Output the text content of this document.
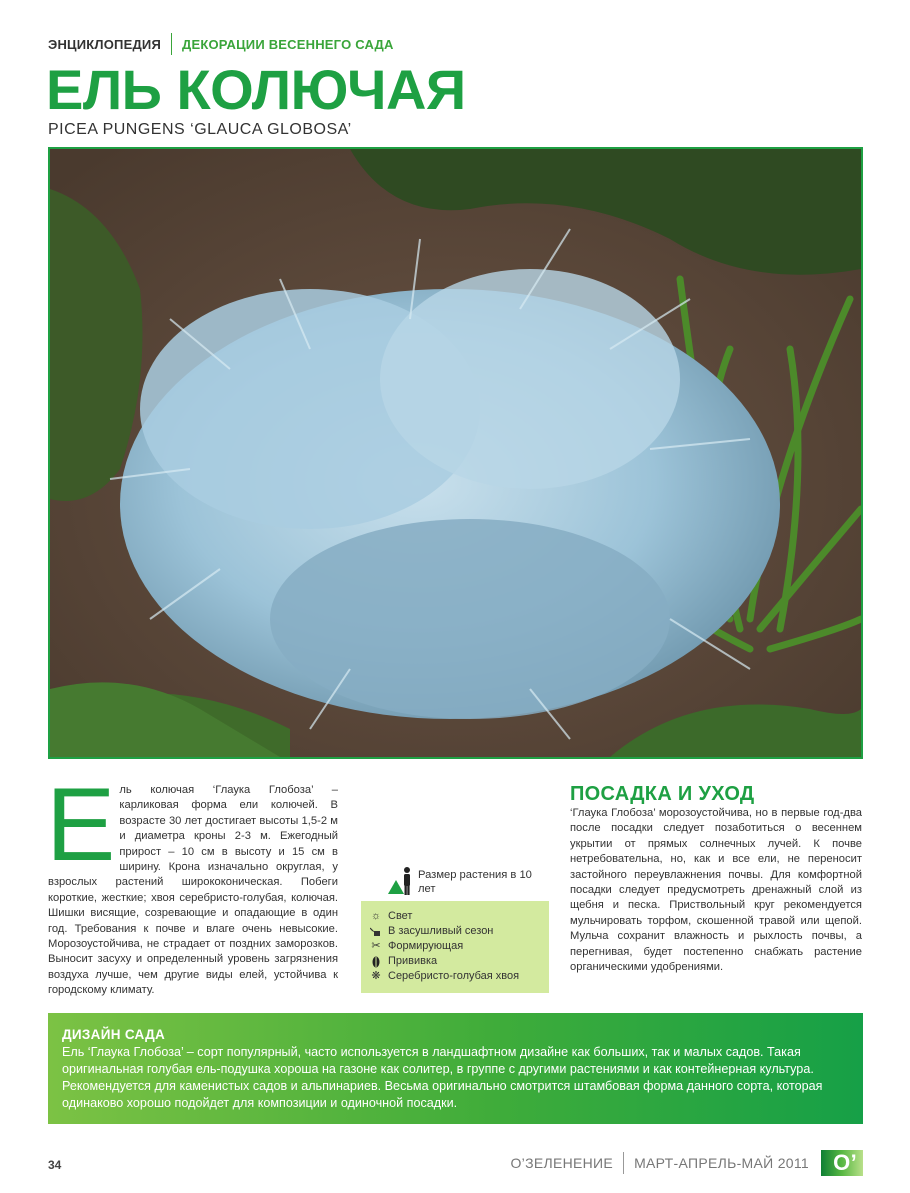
ЭНЦИКЛОПЕДИЯ ДЕКОРАЦИИ ВЕСЕННЕГО САДА
ЕЛЬ КОЛЮЧАЯ
PICEA PUNGENS ‘GLAUCA GLOBOSA’
Е ль колючая ‘Глаука Глобоза’ – карликовая форма ели колючей. В возрасте 30 лет достигает высоты 1,5-2 м и диаметра кроны 2-3 м. Ежегодный прирост – 10 см в высоту и 15 см в ширину. Крона изначально округлая, у взрослых растений ширококоническая. Побеги короткие, жесткие; хвоя серебристо-голубая, колючая. Шишки висящие, созревающие и опадающие в один год. Требования к почве и влаге очень невысокие. Морозоустойчива, не страдает от поздних заморозков. Выносит засуху и определенный уровень загрязнения воздуха лучше, чем другие виды елей, устойчива к городскому климату.
Размер растения в 10 лет
☼ Свет
В засушливый сезон
✂ Формирующая
Прививка
❋ Серебристо-голубая хвоя
ПОСАДКА И УХОД
‘Глаука Глобоза’ морозоустойчива, но в первые год-два после посадки следует позаботиться о весеннем укрытии от прямых солнечных лучей. К почве нетребовательна, но, как и все ели, не переносит застойного переувлажнения почвы. Для комфортной посадки следует предусмотреть дренажный слой из щебня и песка. Приствольный круг рекомендуется мульчировать торфом, скошенной травой или щепой. Мульча сохранит влажность и рыхлость почвы, а перегнивая, будет постепенно снабжать растение органическими удобрениями.
ДИЗАЙН САДА
Ель ‘Глаука Глобоза’ – сорт популярный, часто используется в ландшафтном дизайне как больших, так и малых садов. Такая оригинальная голубая ель-подушка хороша на газоне как солитер, в группе с другими растениями и как контейнерная культура. Рекомендуется для каменистых садов и альпинариев. Весьма оригинально смотрится штамбовая форма данного сорта, которая одинаково хорошо подойдет для композиции и одиночной посадки.
34	О’ЗЕЛЕНЕНИЕ МАРТ-АПРЕЛЬ-МАЙ 2011 О’
